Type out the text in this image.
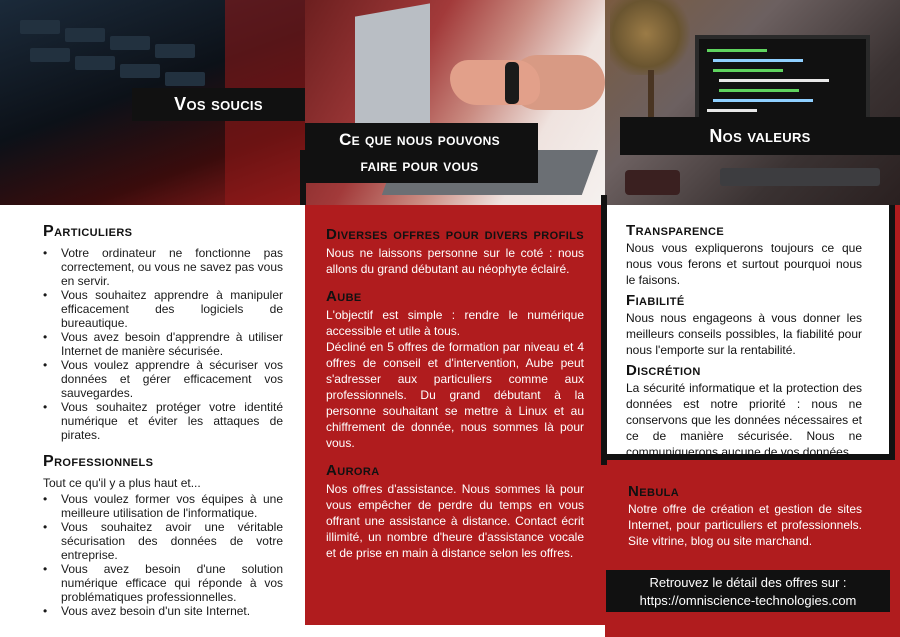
Vos soucis
Ce que nous pouvons
faire pour vous
Nos valeurs
Particuliers
• Votre ordinateur ne fonctionne pas correctement, ou vous ne savez pas vous en servir.
• Vous souhaitez apprendre à manipuler efficacement des logiciels de bureautique.
• Vous avez besoin d'apprendre à utiliser Internet de manière sécurisée.
• Vous voulez apprendre à sécuriser vos données et gérer efficacement vos sauvegardes.
• Vous souhaitez protéger votre identité numérique et éviter les attaques de pirates.
Professionnels

Tout ce qu'il y a plus haut et...

• Vous voulez former vos équipes à une meilleure utilisation de l'informatique.
• Vous souhaitez avoir une véritable sécurisation des données de votre entreprise.
• Vous avez besoin d'une solution numérique efficace qui réponde à vos problématiques professionnelles.
• Vous avez besoin d'un site Internet.
Diverses offres pour divers profils

Nous ne laissons personne sur le coté : nous allons du grand débutant au néophyte éclairé.

Aube

L'objectif est simple : rendre le numérique accessible et utile à tous.

Décliné en 5 offres de formation par niveau et 4 offres de conseil et d'intervention, Aube peut s'adresser aux particuliers comme aux professionnels. Du grand débutant à la personne souhaitant se mettre à Linux et au chiffrement de donnée, nous sommes là pour vous.

Aurora

Nos offres d'assistance. Nous sommes là pour vous empêcher de perdre du temps en vous offrant une assistance à distance. Contact écrit illimité, un nombre d'heure d'assistance vocale et de prise en main à distance selon les offres.

Transparence

Nous vous expliquerons toujours ce que nous vous ferons et surtout pourquoi nous le faisons.

Fiabilité

Nous nous engageons à vous donner les meilleurs conseils possibles, la fiabilité pour nous l'emporte sur la rentabilité.

Discrétion

La sécurité informatique et la protection des données est notre priorité : nous ne conservons que les données nécessaires et ce de manière sécurisée. Nous ne communiquerons aucune de vos données.

Nebula

Notre offre de création et gestion de sites Internet, pour particuliers et professionnels. Site vitrine, blog ou site marchand.

Retrouvez le détail des offres sur :
https://omniscience-technologies.com
